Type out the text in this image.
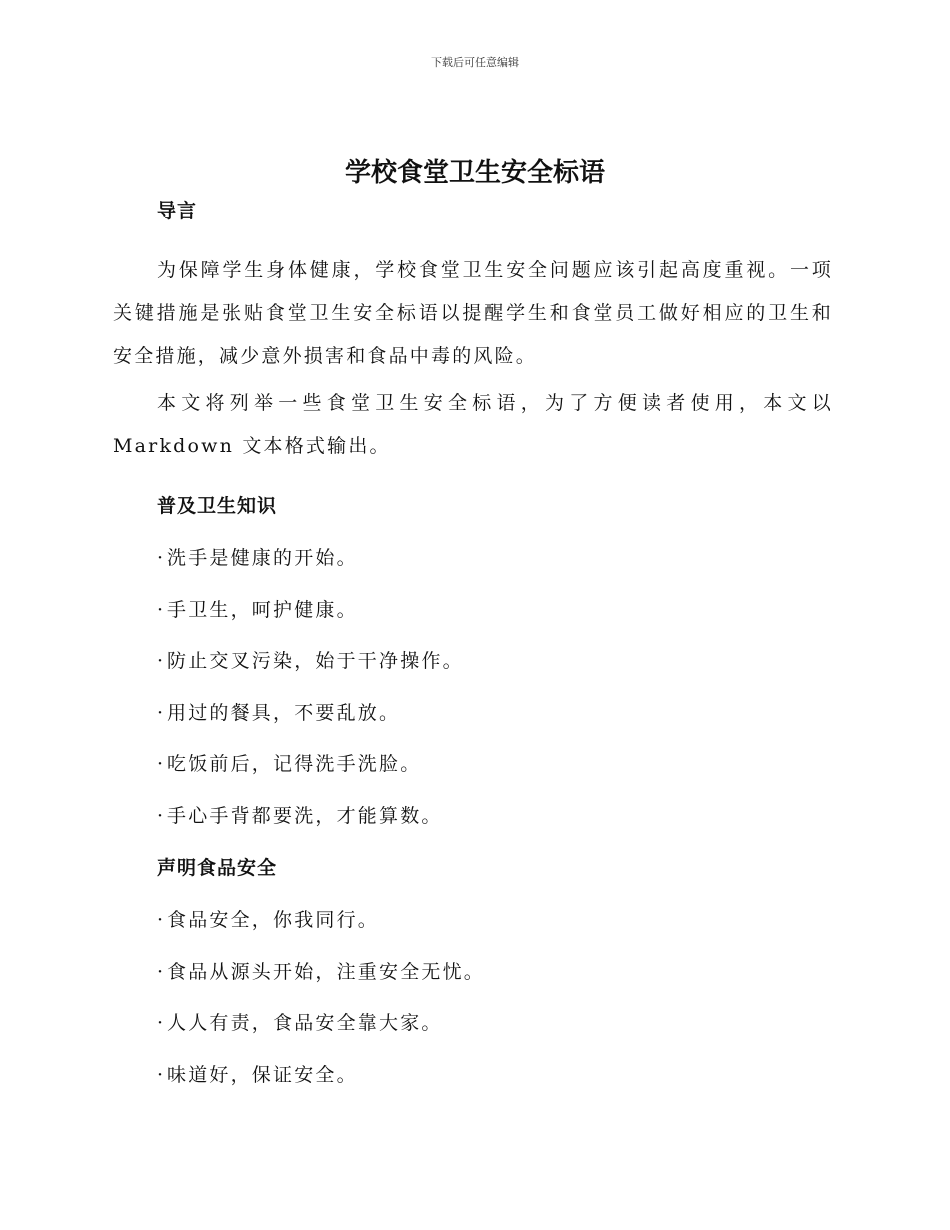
下载后可任意编辑
学校食堂卫生安全标语
导言

为保障学生身体健康，学校食堂卫生安全问题应该引起高度重视。一项关键措施是张贴食堂卫生安全标语以提醒学生和食堂员工做好相应的卫生和安全措施，减少意外损害和食品中毒的风险。

本文将列举一些食堂卫生安全标语，为了方便读者使用，本文以Markdown 文本格式输出。

普及卫生知识
·洗手是健康的开始。
·手卫生，呵护健康。
·防止交叉污染，始于干净操作。
·用过的餐具，不要乱放。
·吃饭前后，记得洗手洗脸。
·手心手背都要洗，才能算数。
声明食品安全
·食品安全，你我同行。
·食品从源头开始，注重安全无忧。
·人人有责，食品安全靠大家。
·味道好，保证安全。
